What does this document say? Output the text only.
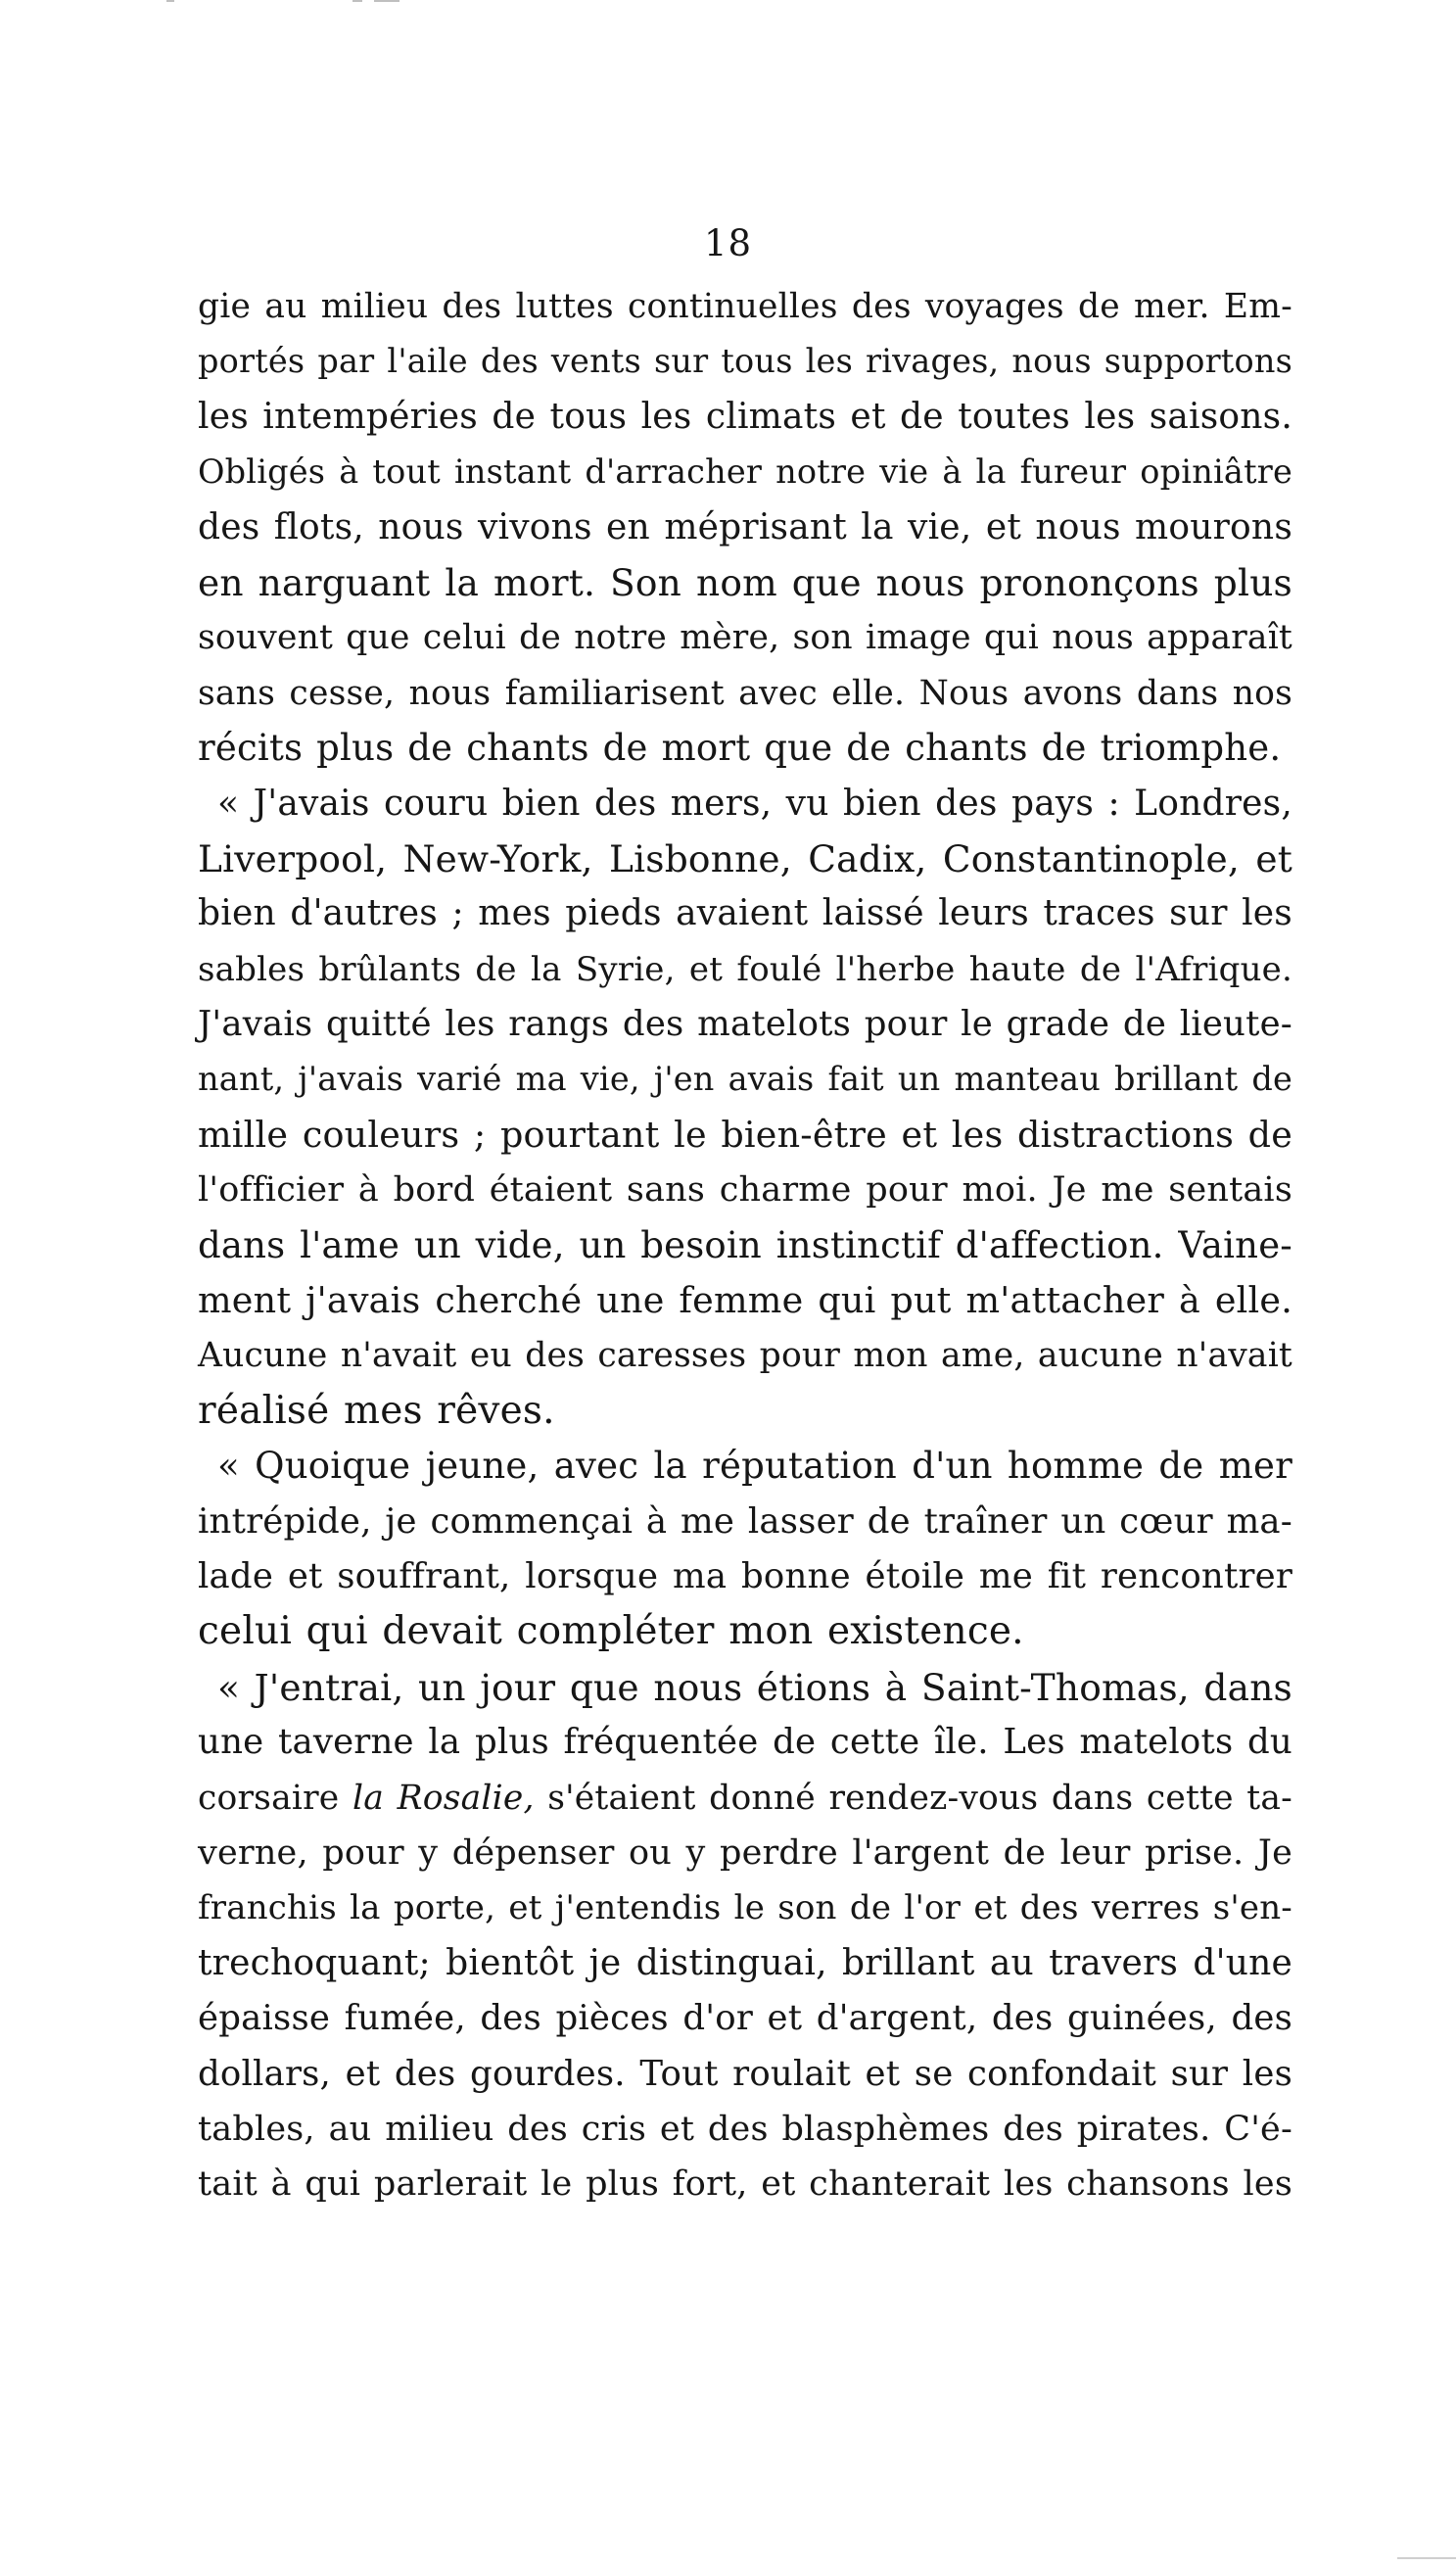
18
gie au milieu des luttes continuelles des voyages de mer. Em-
portés par l'aile des vents sur tous les rivages, nous supportons
les intempéries de tous les climats et de toutes les saisons.
Obligés à tout instant d'arracher notre vie à la fureur opiniâtre
des flots, nous vivons en méprisant la vie, et nous mourons
en narguant la mort. Son nom que nous prononçons plus
souvent que celui de notre mère, son image qui nous apparaît
sans cesse, nous familiarisent avec elle. Nous avons dans nos
récits plus de chants de mort que de chants de triomphe.
« J'avais couru bien des mers, vu bien des pays : Londres,
Liverpool, New-York, Lisbonne, Cadix, Constantinople, et
bien d'autres ; mes pieds avaient laissé leurs traces sur les
sables brûlants de la Syrie, et foulé l'herbe haute de l'Afrique.
J'avais quitté les rangs des matelots pour le grade de lieute-
nant, j'avais varié ma vie, j'en avais fait un manteau brillant de
mille couleurs ; pourtant le bien-être et les distractions de
l'officier à bord étaient sans charme pour moi. Je me sentais
dans l'ame un vide, un besoin instinctif d'affection. Vaine-
ment j'avais cherché une femme qui put m'attacher à elle.
Aucune n'avait eu des caresses pour mon ame, aucune n'avait
réalisé mes rêves.
« Quoique jeune, avec la réputation d'un homme de mer
intrépide, je commençai à me lasser de traîner un cœur ma-
lade et souffrant, lorsque ma bonne étoile me fit rencontrer
celui qui devait compléter mon existence.
« J'entrai, un jour que nous étions à Saint-Thomas, dans
une taverne la plus fréquentée de cette île. Les matelots du
corsaire la Rosalie, s'étaient donné rendez-vous dans cette ta-
verne, pour y dépenser ou y perdre l'argent de leur prise. Je
franchis la porte, et j'entendis le son de l'or et des verres s'en-
trechoquant; bientôt je distinguai, brillant au travers d'une
épaisse fumée, des pièces d'or et d'argent, des guinées, des
dollars, et des gourdes. Tout roulait et se confondait sur les
tables, au milieu des cris et des blasphèmes des pirates. C'é-
tait à qui parlerait le plus fort, et chanterait les chansons les
